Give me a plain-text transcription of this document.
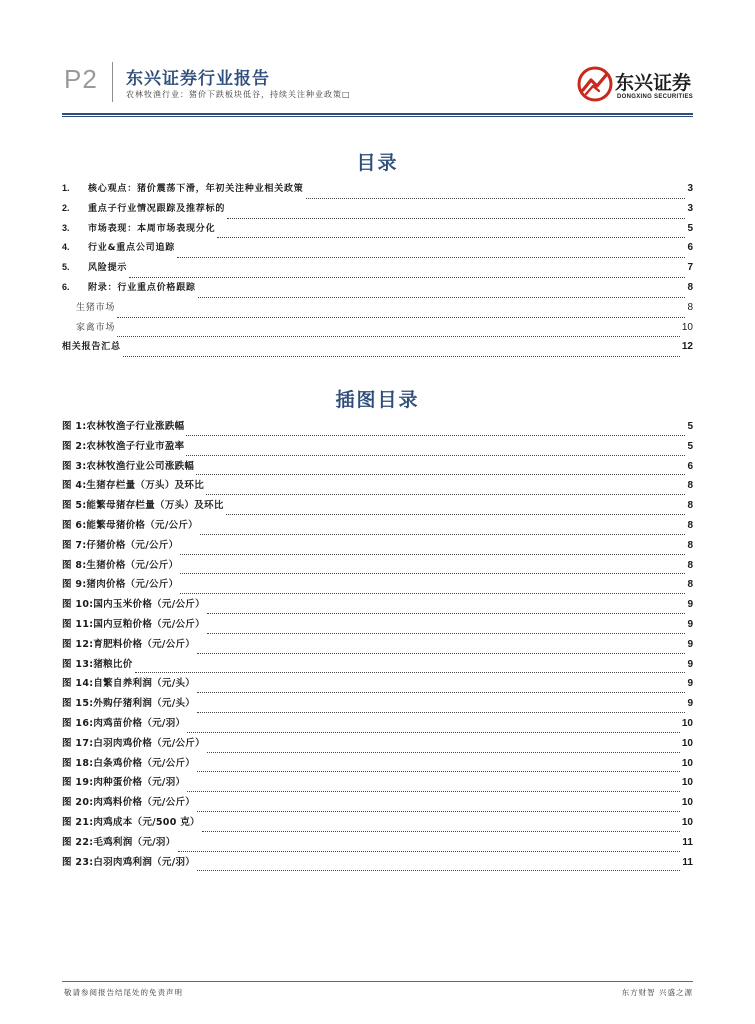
P2 东兴证券行业报告
农林牧渔行业：猪价下跌板块低谷，持续关注种业政策□
东兴证券
DONGXING SECURITIES
目录
1.	核心观点：猪价震荡下滑，年初关注种业相关政策	3
2.	重点子行业情况跟踪及推荐标的	3
3.	市场表现：本周市场表现分化	5
4.	行业&重点公司追踪	6
5.	风险提示	7
6.	附录：行业重点价格跟踪	8
生猪市场	8
家禽市场	10
相关报告汇总	12
插图目录
图 1:农林牧渔子行业涨跌幅	5
图 2:农林牧渔子行业市盈率	5
图 3:农林牧渔行业公司涨跌幅	6
图 4:生猪存栏量（万头）及环比	8
图 5:能繁母猪存栏量（万头）及环比	8
图 6:能繁母猪价格（元/公斤）	8
图 7:仔猪价格（元/公斤）	8
图 8:生猪价格（元/公斤）	8
图 9:猪肉价格（元/公斤）	8
图 10:国内玉米价格（元/公斤）	9
图 11:国内豆粕价格（元/公斤）	9
图 12:育肥料价格（元/公斤）	9
图 13:猪粮比价	9
图 14:自繁自养利润（元/头）	9
图 15:外购仔猪利润（元/头）	9
图 16:肉鸡苗价格（元/羽）	10
图 17:白羽肉鸡价格（元/公斤）	10
图 18:白条鸡价格（元/公斤）	10
图 19:肉种蛋价格（元/羽）	10
图 20:肉鸡料价格（元/公斤）	10
图 21:肉鸡成本（元/500 克）	10
图 22:毛鸡利润（元/羽）	11
图 23:白羽肉鸡利润（元/羽）	11
敬请参阅报告结尾处的免责声明	东方财智 兴盛之源
